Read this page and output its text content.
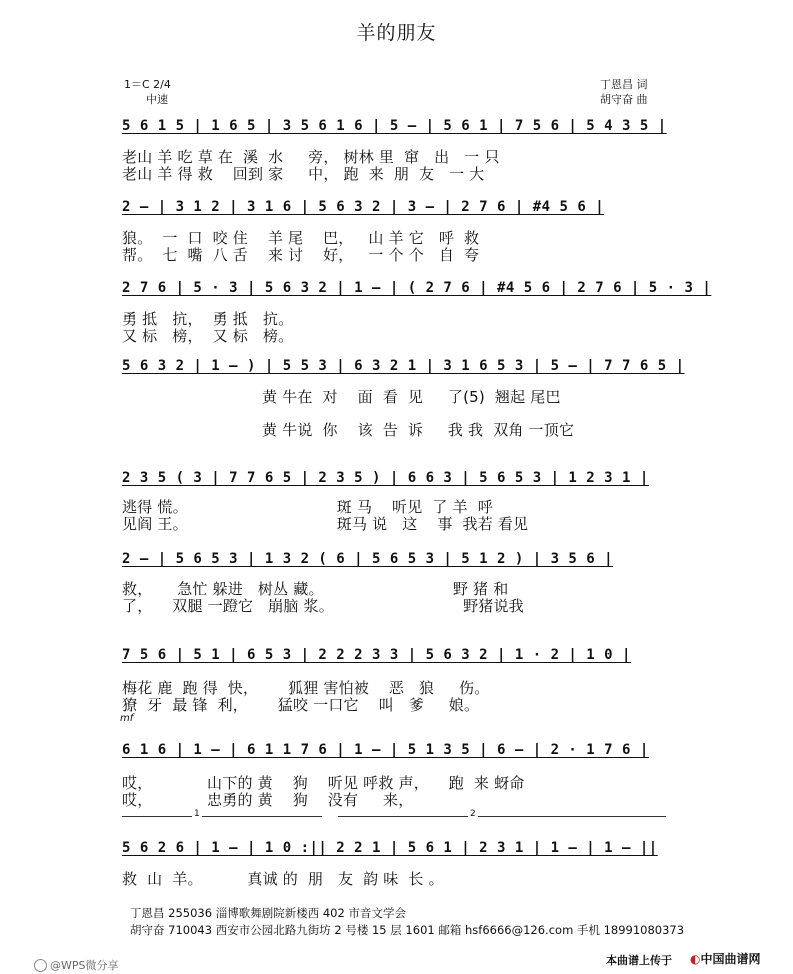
羊的朋友
1＝C 2/4
中速
丁恩昌 词
胡守奋 曲
5 6 1 5 | 1 6 5 | 3 5 6 1 6 | 5 — | 5 6 1 | 7 5 6 | 5 4 3 5 |
老山 羊 吃 草 在  溪  水     旁， 树林 里  窜   出   一 只
老山 羊 得 救    回到 家     中， 跑  来  朋  友   一 大
2 — | 3 1 2 | 3 1 6 | 5 6 3 2 | 3 — | 2 7 6 | #4 5 6 |
狼。  一  口  咬 住    羊 尾    巴，   山 羊 它   呼  救
帮。  七  嘴  八 舌    来 讨    好，   一 个 个   自  夸
2 7 6 | 5 · 3 | 5 6 3 2 | 1 — | ( 2 7 6 | #4 5 6 | 2 7 6 | 5 · 3 |
勇 抵   抗，  勇 抵   抗。
又 标   榜，  又 标   榜。
5 6 3 2 | 1 — ) | 5 5 3 | 6 3 2 1 | 3 1 6 5 3 | 5 — | 7 7 6 5 |
黄 牛在  对    面  看  见     了(5)  翘起 尾巴
黄 牛说  你    该  告  诉     我 我  双角 一顶它
2 3 5 ( 3 | 7 7 6 5 | 2 3 5 ) | 6 6 3 | 5 6 5 3 | 1 2 3 1 |
逃得 慌。                              斑 马    听见  了 羊  呼
见阎 王。                              斑马 说   这    事  我若 看见
2 — | 5 6 5 3 | 1 3 2 ( 6 | 5 6 5 3 | 5 1 2 ) | 3 5 6 |
救，     急忙 躲进   树丛 藏。                          野 猪 和
了，    双腿 一蹬它   崩脑 浆。                          野猪说我
7 5 6 | 5 1 | 6 5 3 | 2 2 2 3 3 | 5 6 3 2 | 1 · 2 | 1 0 |
梅花 鹿  跑 得  快，      狐狸 害怕被    恶   狼     伤。
獠  牙  最 锋  利，      猛咬 一口它    叫   爹     娘。
mf
6 1 6 | 1 — | 6 1 1 7 6 | 1 — | 5 1 3 5 | 6 — | 2 · 1 7 6 |
哎，           山下的 黄    狗    听见 呼救 声，    跑  来 蚜命
哎，           忠勇的 黄    狗    没有     来，
1	2
5 6 2 6 | 1 — | 1 0 :|| 2 2 1 | 5 6 1 | 2 3 1 | 1 — | 1 — ||
救  山  羊。         真诚 的  朋   友  韵 味  长 。
丁恩昌 255036 淄博歌舞剧院新楼西 402 市音文学会
胡守奋 710043 西安市公园北路九街坊 2 号楼 15 层 1601 邮箱 hsf6666@126.com 手机 18991080373
@WPS微分享	本曲谱上传于 ◐中国曲谱网
